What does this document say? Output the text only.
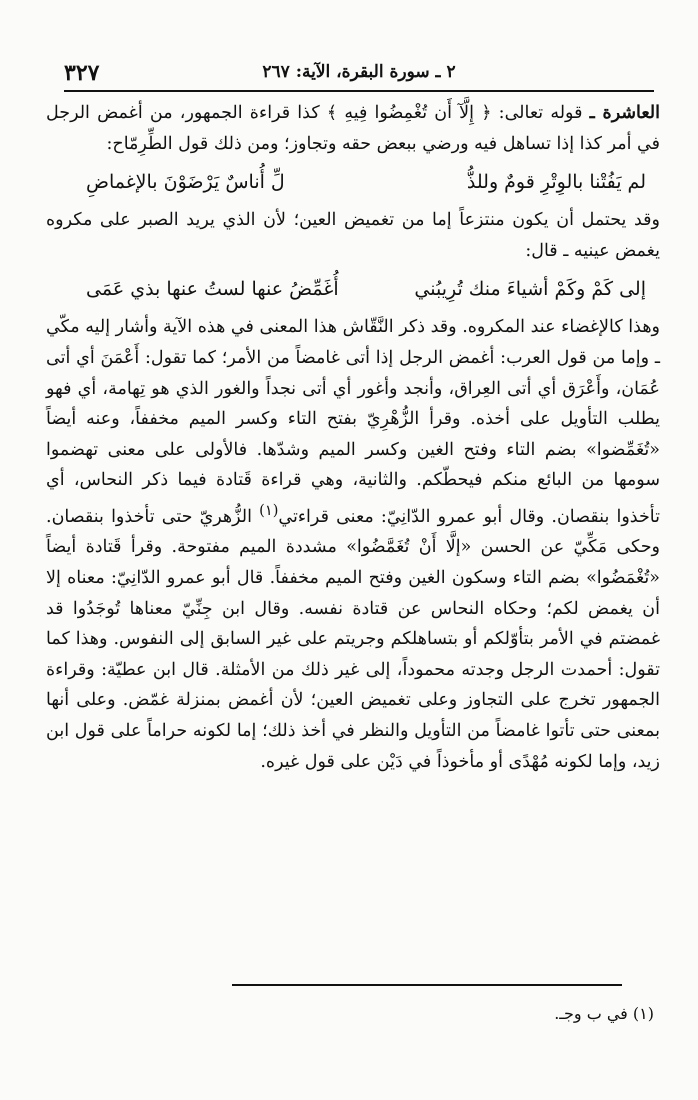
٣٢٧	٢ ـ سورة البقرة، الآية: ٢٦٧

العاشرة ـ قوله تعالى: ﴿ إِلَّآ أَن تُغْمِضُوا فِيهِ ﴾ كذا قراءة الجمهور، من أغمض الرجل في أمر كذا إذا تساهل فيه ورضي ببعض حقه وتجاوز؛ ومن ذلك قول الطِّرِمّاح:

لم يَفُتْنا بالوِتْرِ قومٌ وللذُّ
لِّ أُناسٌ يَرْضَوْنَ بالإغماضِ

وقد يحتمل أن يكون منتزعاً إما من تغميض العين؛ لأن الذي يريد الصبر على مكروه يغمض عينيه ـ قال:

إلى كَمْ وكَمْ أشياءَ منك تُرِيبُني
أُغَمِّضُ عنها لستُ عنها بذي عَمَى

وهذا كالإغضاء عند المكروه. وقد ذكر النَّقّاش هذا المعنى في هذه الآية وأشار إليه مكّي ـ وإما من قول العرب: أغمض الرجل إذا أتى غامضاً من الأمر؛ كما تقول: أَعْمَنَ أي أتى عُمَان، وأَعْرَق أي أتى العِراق، وأنجد وأغور أي أتى نجداً والغور الذي هو تِهامة، أي فهو يطلب التأويل على أخذه. وقرأ الزُّهْرِيّ بفتح التاء وكسر الميم مخففاً، وعنه أيضاً «تُغَمِّضوا» بضم التاء وفتح الغين وكسر الميم وشدّها. فالأولى على معنى تهضموا سومها من البائع منكم فيحطّكم. والثانية، وهي قراءة قَتادة فيما ذكر النحاس، أي تأخذوا بنقصان. وقال أبو عمرو الدّانِيّ: معنى قراءتي$^{(١)}$ الزُّهريّ حتى تأخذوا بنقصان. وحكى مَكِّيّ عن الحسن «إلَّا أَنْ تُغَمَّضُوا» مشددة الميم مفتوحة. وقرأ قَتادة أيضاً «تُغْمَضُوا» بضم التاء وسكون الغين وفتح الميم مخففاً. قال أبو عمرو الدّانِيّ: معناه إلا أن يغمض لكم؛ وحكاه النحاس عن قتادة نفسه. وقال ابن جِنِّيّ معناها تُوجَدُوا قد غمضتم في الأمر بتأوّلكم أو بتساهلكم وجريتم على غير السابق إلى النفوس. وهذا كما تقول: أحمدت الرجل وجدته محموداً، إلى غير ذلك من الأمثلة. قال ابن عطيّة: وقراءة الجمهور تخرج على التجاوز وعلى تغميض العين؛ لأن أغمض بمنزلة غمّض. وعلى أنها بمعنى حتى تأتوا غامضاً من التأويل والنظر في أخذ ذلك؛ إما لكونه حراماً على قول ابن زيد، وإما لكونه مُهْدًى أو مأخوذاً في دَيْن على قول غيره.

(١) في ب وجـ.
